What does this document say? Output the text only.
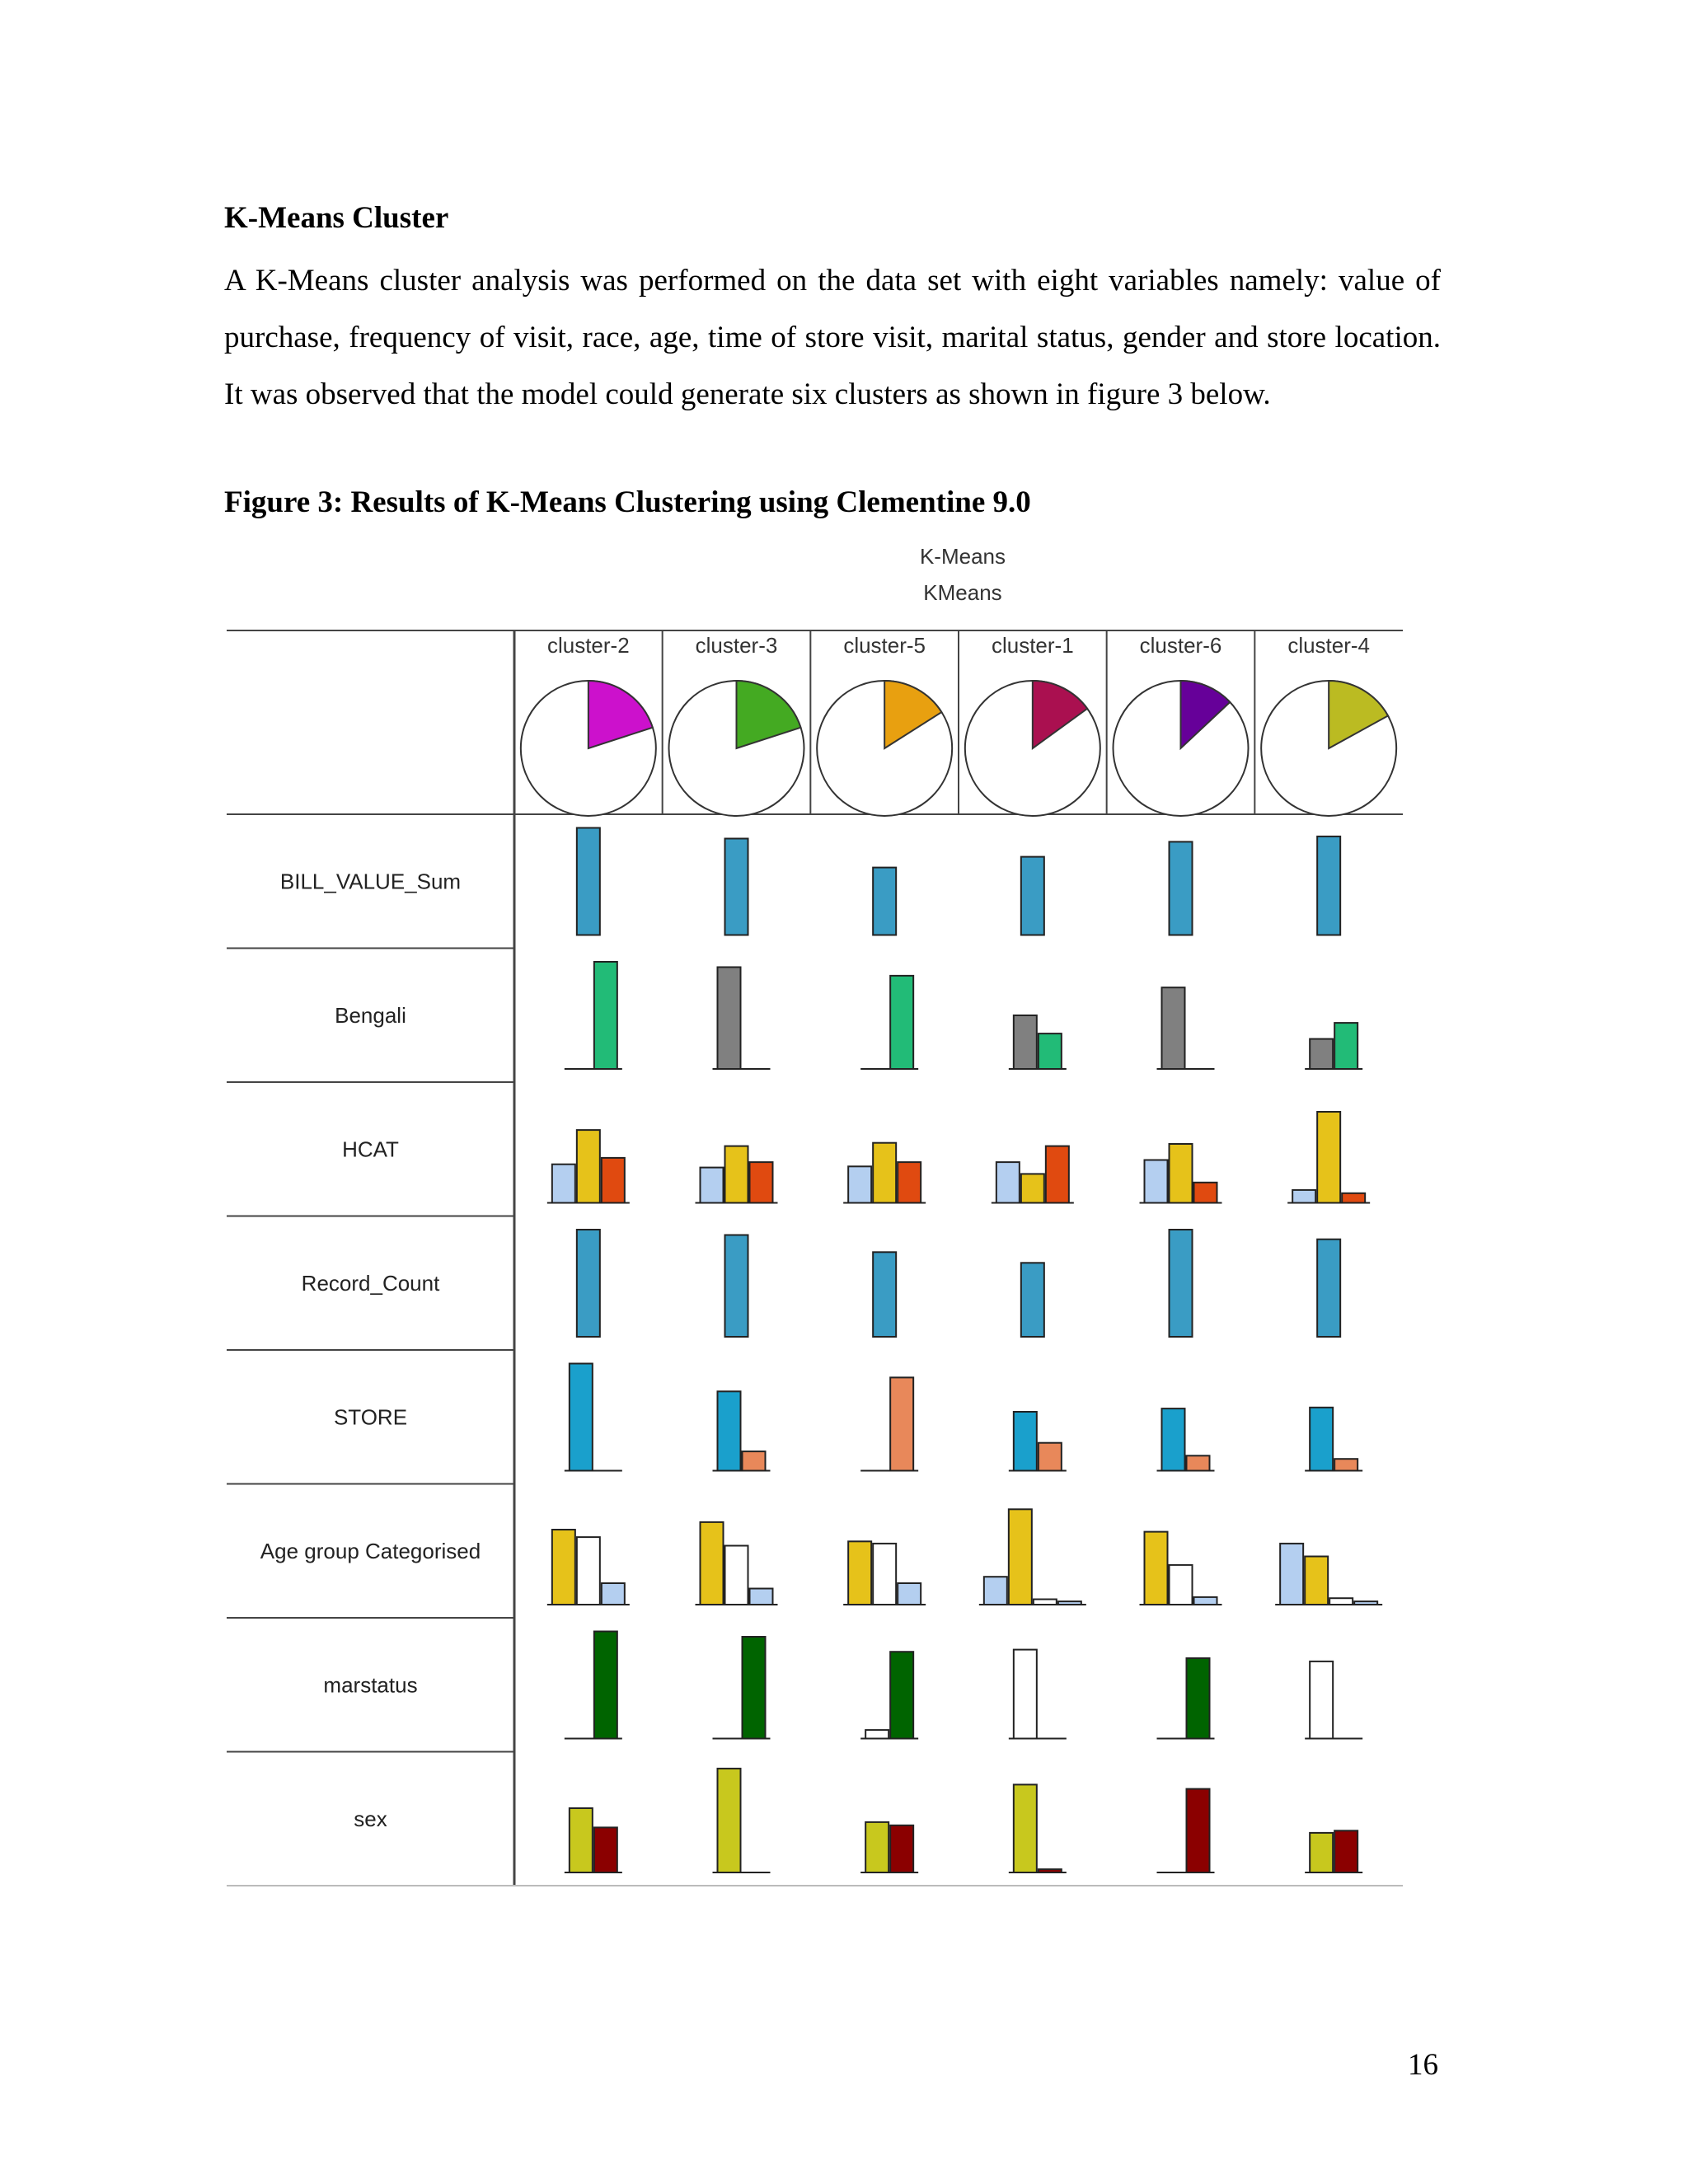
K-Means Cluster
A K-Means cluster analysis was performed on the data set with eight variables namely: value of purchase, frequency of visit, race, age, time of store visit, marital status, gender and store location. It was observed that the model could generate six clusters as shown in figure 3 below.
Figure 3: Results of K-Means Clustering using Clementine 9.0
K-Means
KMeans
cluster-2	cluster-3	cluster-5	cluster-1	cluster-6	cluster-4
BILL_VALUE_Sum
Bengali
HCAT
Record_Count
STORE
Age group Categorised
marstatus
sex
16
